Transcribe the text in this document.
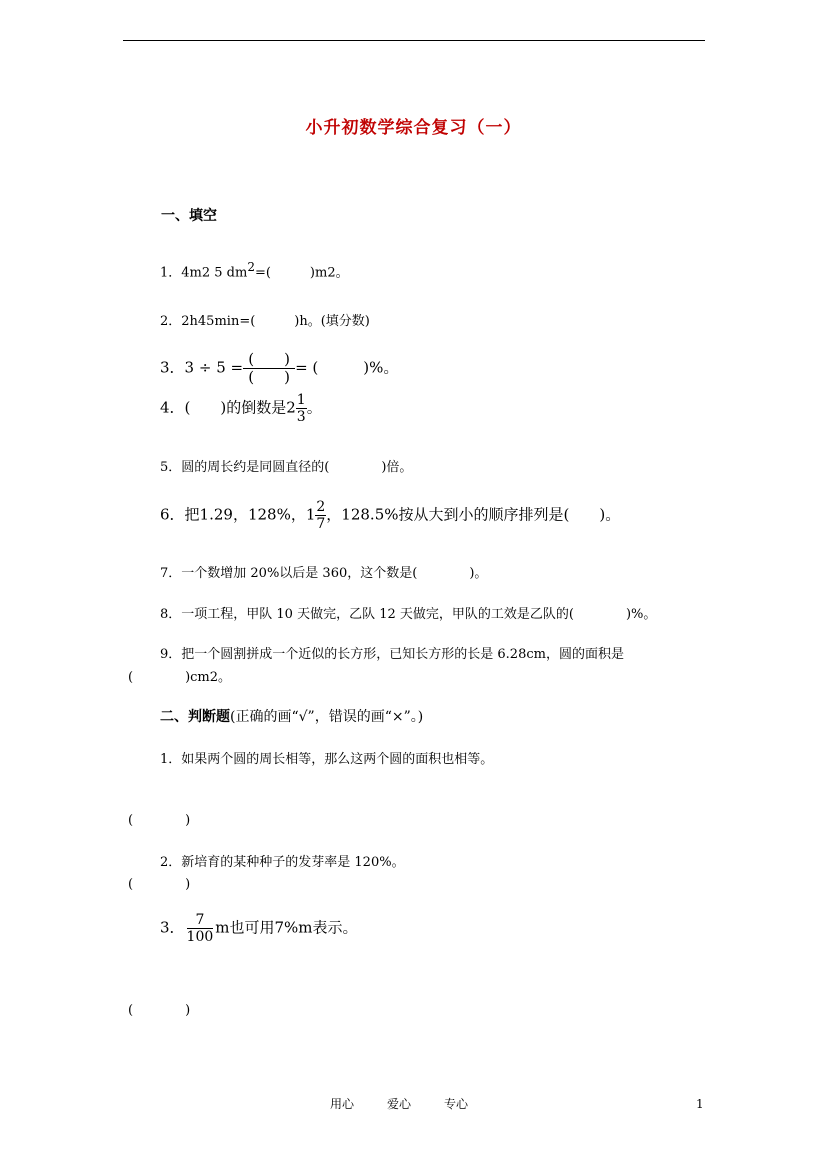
小升初数学综合复习（一）
一、填空
1．4m2 5 $dm^2=$(　　　)m2。
2．2h45min=(　　　)h。(填分数)
3．$3 \div 5 = \frac{( )}{( )}$ = (　　　)%。
4．(　　)的倒数是$2 \frac{1}{3}$ 。
5．圆的周长约是同圆直径的(　　　　)倍。
6．把1.29，128%，$1 \frac{2}{7}$ ，128.5%按从大到小的顺序排列是(　　)。
7．一个数增加 20%以后是 360，这个数是(　　　　)。
8．一项工程，甲队 10 天做完，乙队 12 天做完，甲队的工效是乙队的(　　　　)%。
9．把一个圆割拼成一个近似的长方形，已知长方形的长是 6.28cm，圆的面积是
(　　　　)cm2。
二、判断题(正确的画“√”，错误的画“×”。)
1．如果两个圆的周长相等，那么这两个圆的面积也相等。
(　　　　)
2．新培育的某种种子的发芽率是 120%。
(　　　　)
3． $\frac{7}{100}$ m也可用7%m表示。
(　　　　)
用心	爱心	专心	1
